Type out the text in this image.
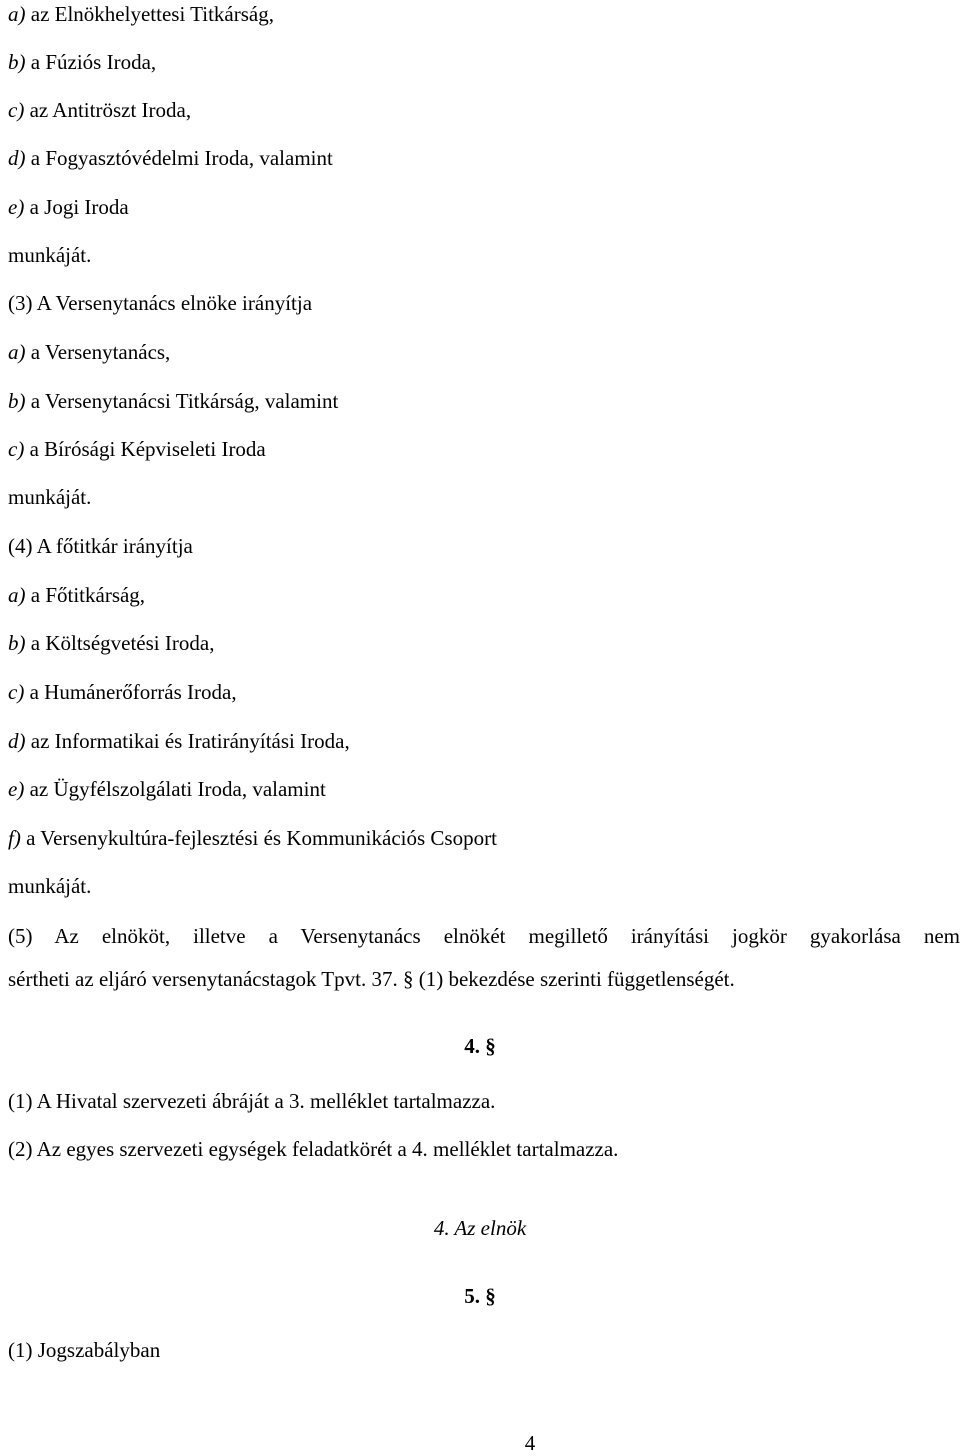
a) az Elnökhelyettesi Titkárság,
b) a Fúziós Iroda,
c) az Antitröszt Iroda,
d) a Fogyasztóvédelmi Iroda, valamint
e) a Jogi Iroda
munkáját.
(3) A Versenytanács elnöke irányítja
a) a Versenytanács,
b) a Versenytanácsi Titkárság, valamint
c) a Bírósági Képviseleti Iroda
munkáját.
(4) A főtitkár irányítja
a) a Főtitkárság,
b) a Költségvetési Iroda,
c) a Humánerőforrás Iroda,
d) az Informatikai és Iratirányítási Iroda,
e) az Ügyfélszolgálati Iroda, valamint
f) a Versenykultúra-fejlesztési és Kommunikációs Csoport
munkáját.
(5) Az elnököt, illetve a Versenytanács elnökét megillető irányítási jogkör gyakorlása nem
sértheti az eljáró versenytanácstagok Tpvt. 37. § (1) bekezdése szerinti függetlenségét.
4. §
(1) A Hivatal szervezeti ábráját a 3. melléklet tartalmazza.
(2) Az egyes szervezeti egységek feladatkörét a 4. melléklet tartalmazza.
4. Az elnök
5. §
(1) Jogszabályban
4
